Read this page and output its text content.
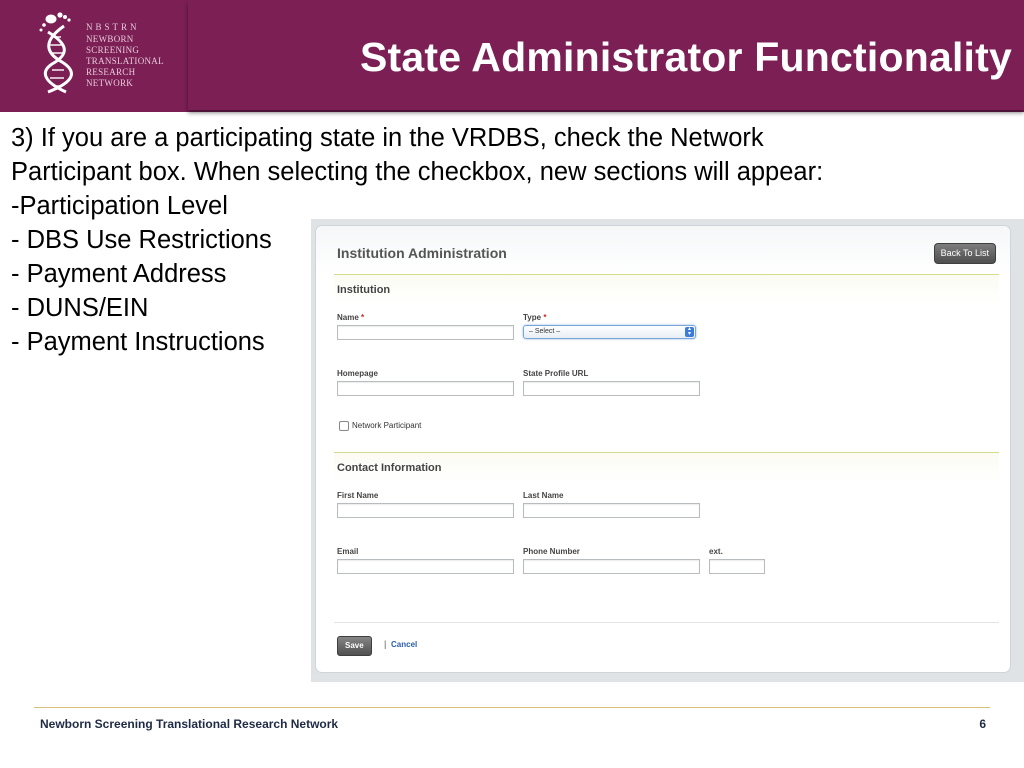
NBSTRN
NEWBORN
SCREENING
TRANSLATIONAL
RESEARCH
NETWORK
State Administrator Functionality
3) If you are a participating state in the VRDBS, check the Network
Participant box. When selecting the checkbox, new sections will appear:
-Participation Level
- DBS Use Restrictions
- Payment Address
- DUNS/EIN
- Payment Instructions
Institution Administration	Back To List
Institution
Name *	Type *
– Select –	▴
▾
Homepage	State Profile URL
Network Participant
Contact Information
First Name	Last Name
Email	Phone Number	ext.
Save	| Cancel
Newborn Screening Translational Research Network	6
